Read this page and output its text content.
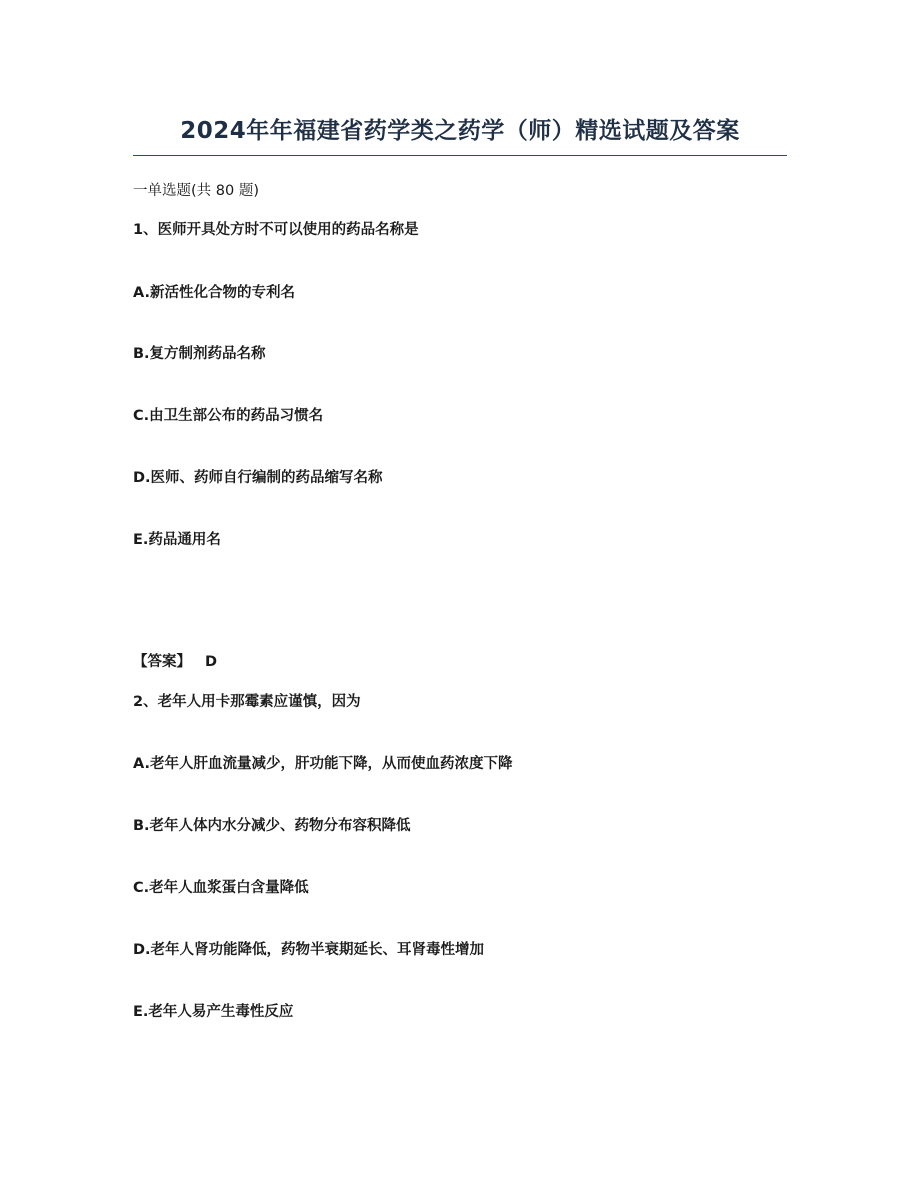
2024年年福建省药学类之药学（师）精选试题及答案
一单选题(共 80 题)
1、医师开具处方时不可以使用的药品名称是
A.新活性化合物的专利名
B.复方制剂药品名称
C.由卫生部公布的药品习惯名
D.医师、药师自行编制的药品缩写名称
E.药品通用名
【答案】 D
2、老年人用卡那霉素应谨慎，因为
A.老年人肝血流量减少，肝功能下降，从而使血药浓度下降
B.老年人体内水分减少、药物分布容积降低
C.老年人血浆蛋白含量降低
D.老年人肾功能降低，药物半衰期延长、耳肾毒性增加
E.老年人易产生毒性反应
